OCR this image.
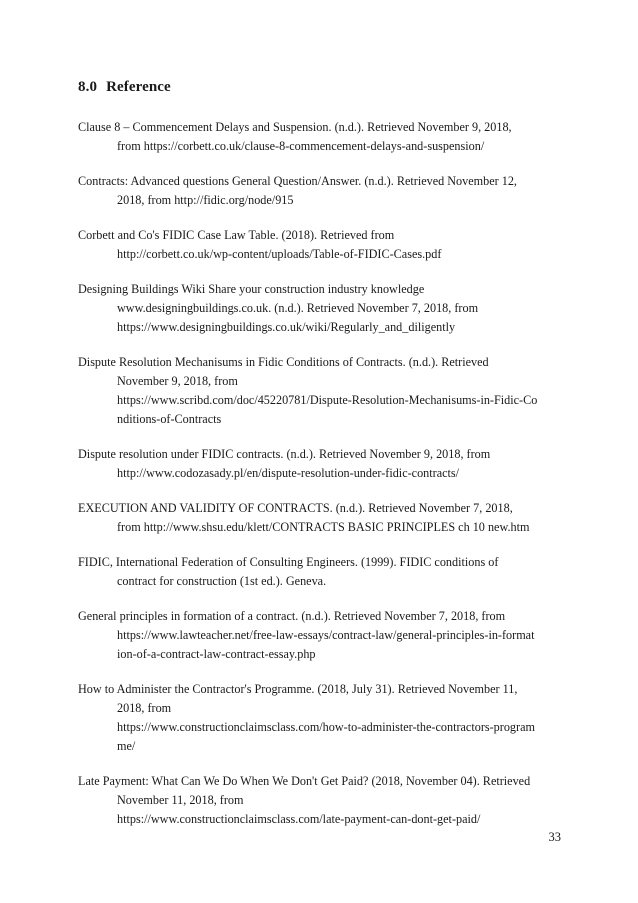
8.0 Reference
Clause 8 – Commencement Delays and Suspension. (n.d.). Retrieved November 9, 2018,
from https://corbett.co.uk/clause-8-commencement-delays-and-suspension/
Contracts: Advanced questions General Question/Answer. (n.d.). Retrieved November 12,
2018, from http://fidic.org/node/915
Corbett and Co's FIDIC Case Law Table. (2018). Retrieved from
http://corbett.co.uk/wp-content/uploads/Table-of-FIDIC-Cases.pdf
Designing Buildings Wiki Share your construction industry knowledge
www.designingbuildings.co.uk. (n.d.). Retrieved November 7, 2018, from
https://www.designingbuildings.co.uk/wiki/Regularly_and_diligently
Dispute Resolution Mechanisums in Fidic Conditions of Contracts. (n.d.). Retrieved
November 9, 2018, from
https://www.scribd.com/doc/45220781/Dispute-Resolution-Mechanisums-in-Fidic-Co
nditions-of-Contracts
Dispute resolution under FIDIC contracts. (n.d.). Retrieved November 9, 2018, from
http://www.codozasady.pl/en/dispute-resolution-under-fidic-contracts/
EXECUTION AND VALIDITY OF CONTRACTS. (n.d.). Retrieved November 7, 2018,
from http://www.shsu.edu/klett/CONTRACTS BASIC PRINCIPLES ch 10 new.htm
FIDIC, International Federation of Consulting Engineers. (1999). FIDIC conditions of
contract for construction (1st ed.). Geneva.
General principles in formation of a contract. (n.d.). Retrieved November 7, 2018, from
https://www.lawteacher.net/free-law-essays/contract-law/general-principles-in-format
ion-of-a-contract-law-contract-essay.php
How to Administer the Contractor's Programme. (2018, July 31). Retrieved November 11,
2018, from
https://www.constructionclaimsclass.com/how-to-administer-the-contractors-program
me/
Late Payment: What Can We Do When We Don't Get Paid? (2018, November 04). Retrieved
November 11, 2018, from
https://www.constructionclaimsclass.com/late-payment-can-dont-get-paid/
33
